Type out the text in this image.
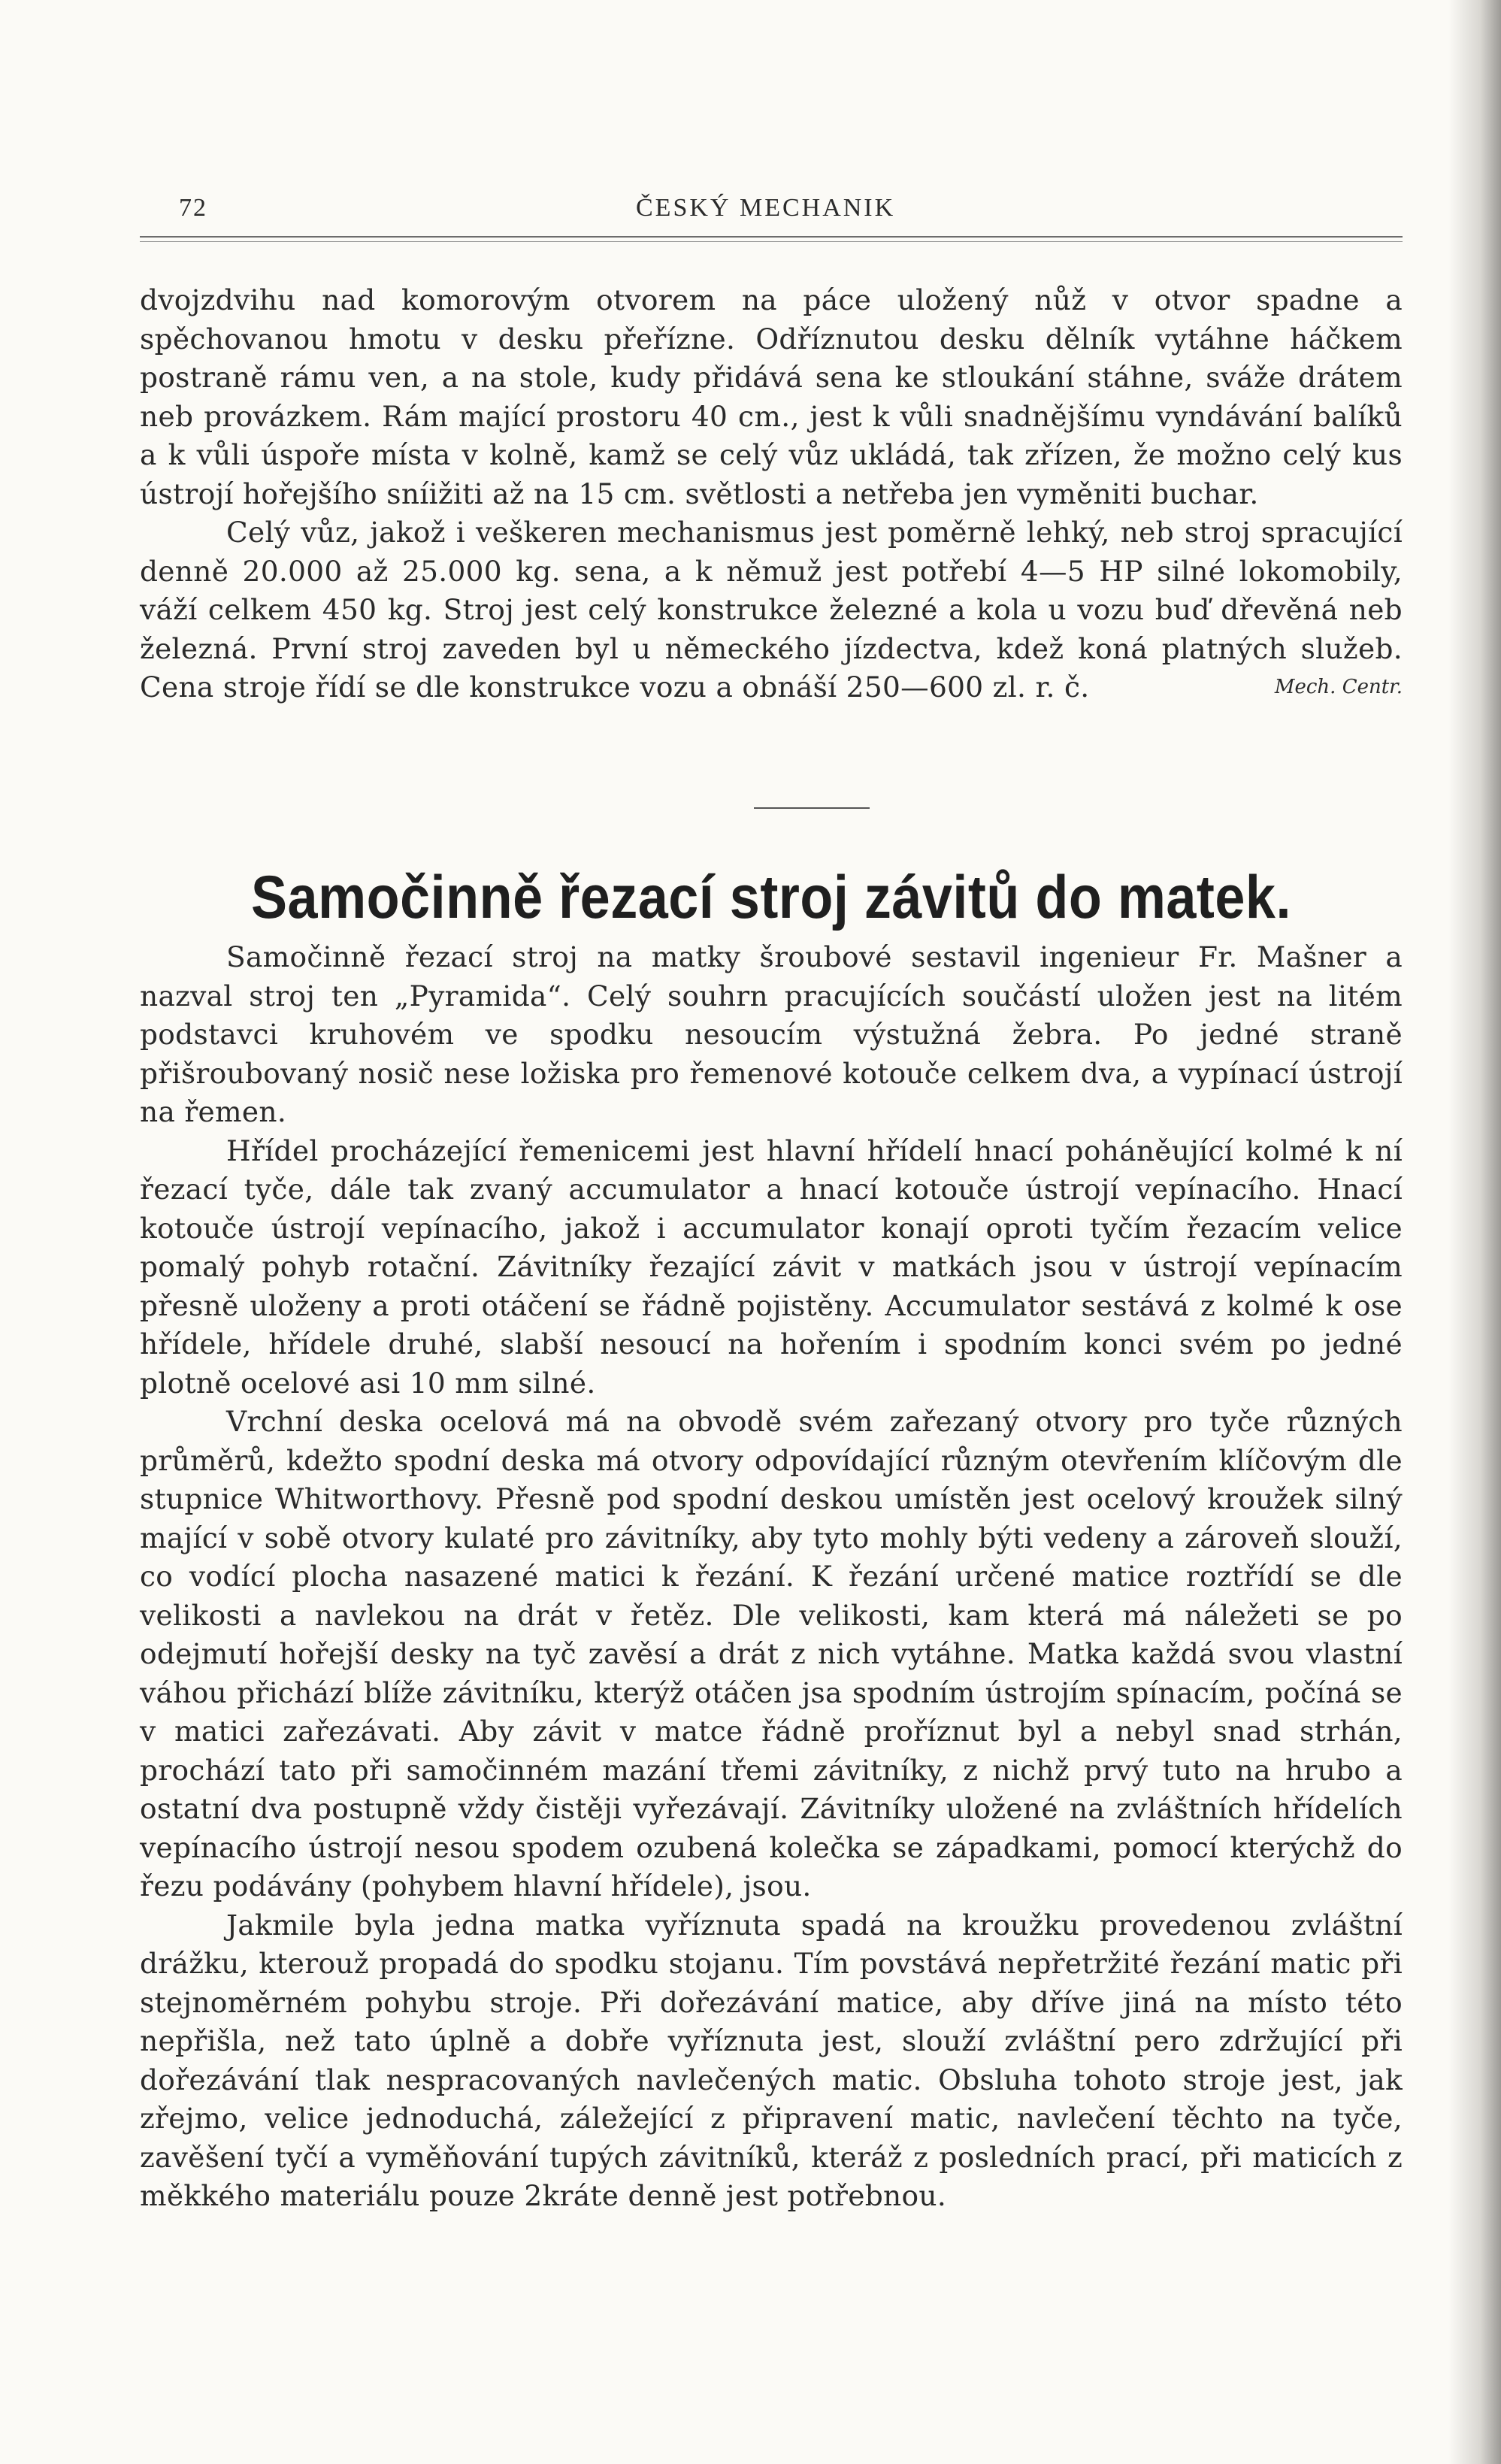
72	ČESKÝ MECHANIK

dvojzdvihu nad komorovým otvorem na páce uložený nůž v otvor spadne a spěchovanou hmotu v desku přeřízne. Odříznutou desku dělník vytáhne háčkem postraně rámu ven, a na stole, kudy přidává sena ke stloukání stáhne, sváže drátem neb provázkem. Rám mající prostoru 40 cm., jest k vůli snadnějšímu vyndávání balíků a k vůli úspoře místa v kolně, kamž se celý vůz ukládá, tak zřízen, že možno celý kus ústrojí hořejšího sníižiti až na 15 cm. světlosti a netřeba jen vyměniti buchar.

Celý vůz, jakož i veškeren mechanismus jest poměrně lehký, neb stroj spracující denně 20.000 až 25.000 kg. sena, a k němuž jest potřebí 4—5 HP silné lokomobily, váží celkem 450 kg. Stroj jest celý konstrukce železné a kola u vozu buď dřevěná neb železná. První stroj zaveden byl u německého jízdectva, kdež koná platných služeb. Cena stroje řídí se dle konstrukce vozu a obnáší 250—600 zl. r. č.	Mech. Centr.

Samočinně řezací stroj závitů do matek.

Samočinně řezací stroj na matky šroubové sestavil ingenieur Fr. Mašner a nazval stroj ten „Pyramida“. Celý souhrn pracujících součástí uložen jest na litém podstavci kruhovém ve spodku nesoucím výstužná žebra. Po jedné straně přišroubovaný nosič nese ložiska pro řemenové kotouče celkem dva, a vypínací ústrojí na řemen.

Hřídel procházející řemenicemi jest hlavní hřídelí hnací poháněující kolmé k ní řezací tyče, dále tak zvaný accumulator a hnací kotouče ústrojí vepínacího. Hnací kotouče ústrojí vepínacího, jakož i accumulator konají oproti tyčím řezacím velice pomalý pohyb rotační. Závitníky řezající závit v matkách jsou v ústrojí vepínacím přesně uloženy a proti otáčení se řádně pojistěny. Accumulator sestává z kolmé k ose hřídele, hřídele druhé, slabší nesoucí na hořením i spodním konci svém po jedné plotně ocelové asi 10 mm silné.

Vrchní deska ocelová má na obvodě svém zařezaný otvory pro tyče různých průměrů, kdežto spodní deska má otvory odpovídající různým otevřením klíčovým dle stupnice Whitworthovy. Přesně pod spodní deskou umístěn jest ocelový kroužek silný mající v sobě otvory kulaté pro závitníky, aby tyto mohly býti vedeny a zároveň slouží, co vodící plocha nasazené matici k řezání. K řezání určené matice roztřídí se dle velikosti a navlekou na drát v řetěz. Dle velikosti, kam která má náležeti se po odejmutí hořejší desky na tyč zavěsí a drát z nich vytáhne. Matka každá svou vlastní váhou přichází blíže závitníku, kterýž otáčen jsa spodním ústrojím spínacím, počíná se v matici zařezávati. Aby závit v matce řádně proříznut byl a nebyl snad strhán, prochází tato při samočinném mazání třemi závitníky, z nichž prvý tuto na hrubo a ostatní dva postupně vždy čistěji vyřezávají. Závitníky uložené na zvláštních hřídelích vepínacího ústrojí nesou spodem ozubená kolečka se západkami, pomocí kterýchž do řezu podávány (pohybem hlavní hřídele), jsou.

Jakmile byla jedna matka vyříznuta spadá na kroužku provedenou zvláštní drážku, kterouž propadá do spodku stojanu. Tím povstává nepřetržité řezání matic při stejnoměrném pohybu stroje. Při dořezávání matice, aby dříve jiná na místo této nepřišla, než tato úplně a dobře vyříznuta jest, slouží zvláštní pero zdržující při dořezávání tlak nespracovaných navlečených matic. Obsluha tohoto stroje jest, jak zřejmo, velice jednoduchá, záležející z připravení matic, navlečení těchto na tyče, zavěšení tyčí a vyměňování tupých závitníků, kteráž z posledních prací, při maticích z měkkého materiálu pouze 2kráte denně jest potřebnou.
